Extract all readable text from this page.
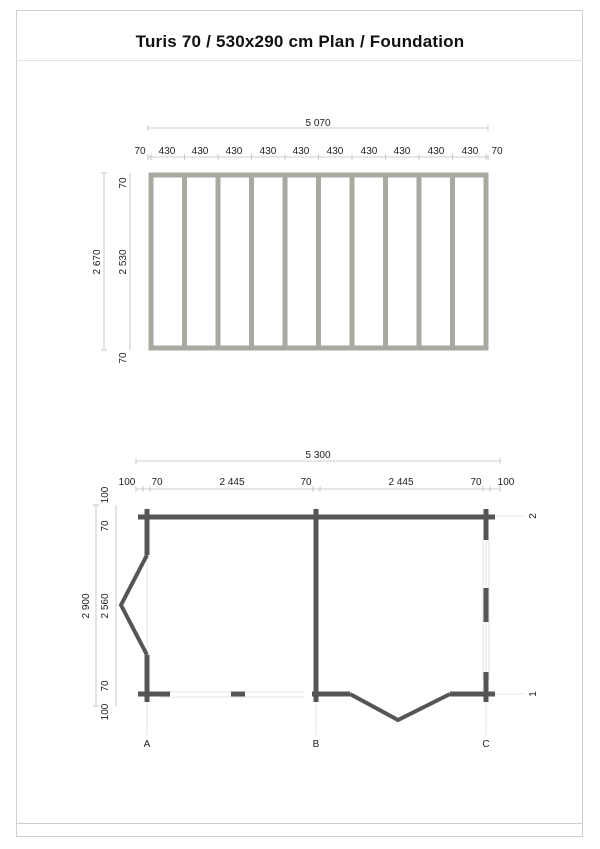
Turis 70 / 530x290 cm Plan / Foundation
5 070
70 430 430 430 430 430 430 430 430 430 430 70
2 670
70
2 530
70
5 300
100 70	2 445	70	2 445	70 100
2 900
100
70
2 560
70
100
A	B	C
2
1
